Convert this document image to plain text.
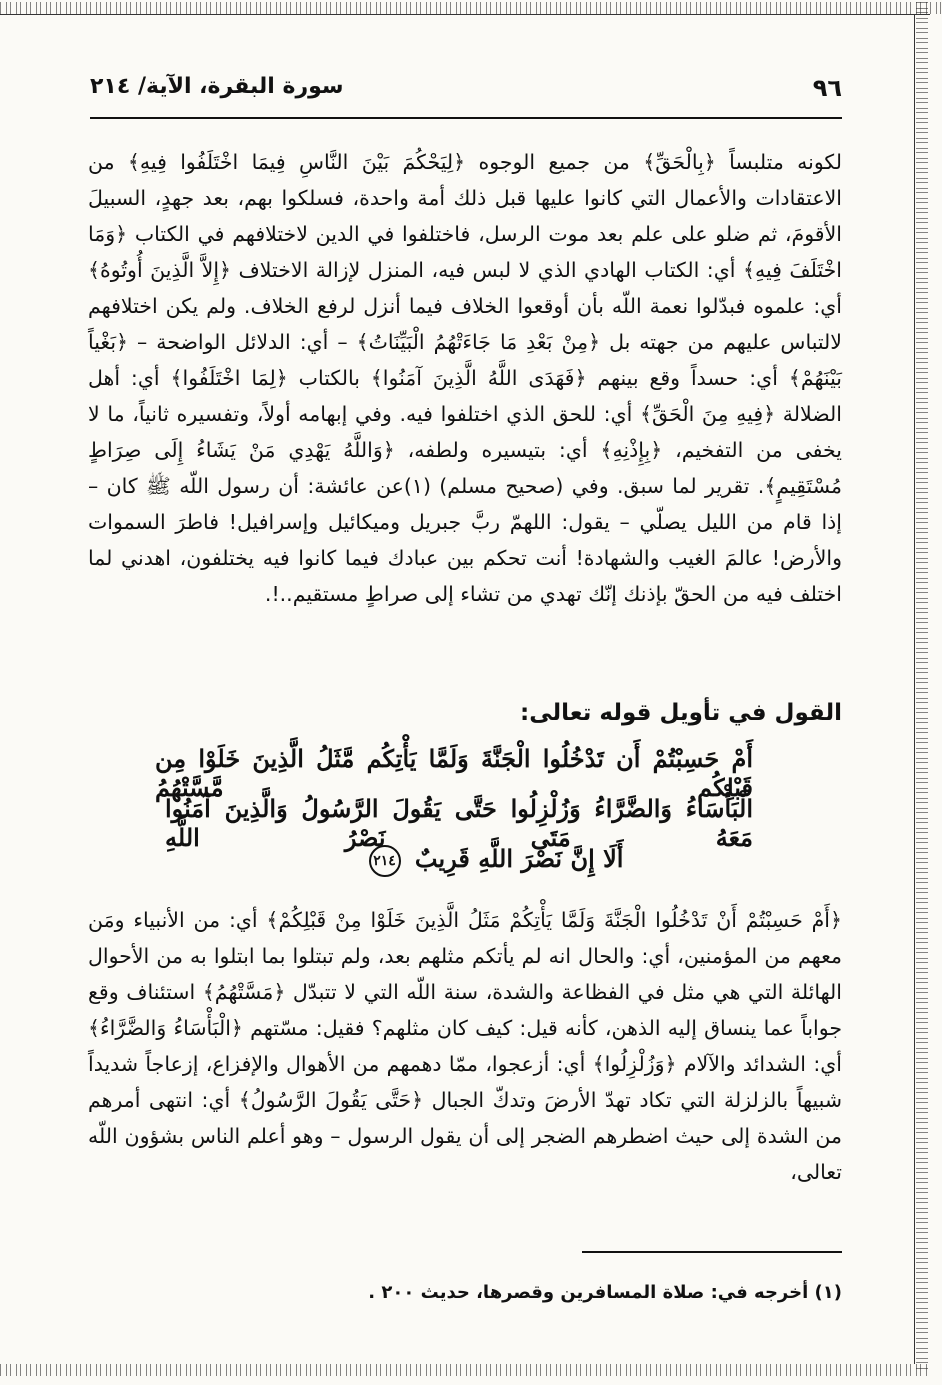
٩٦
سورة البقرة، الآية/ ٢١٤
لكونه متلبساً ﴿بِالْحَقِّ﴾ من جميع الوجوه ﴿لِيَحْكُمَ بَيْنَ النَّاسِ فِيمَا اخْتَلَفُوا فِيهِ﴾ من الاعتقادات والأعمال التي كانوا عليها قبل ذلك أمة واحدة، فسلكوا بهم، بعد جهدٍ، السبيلَ الأقومَ، ثم ضلو على علم بعد موت الرسل، فاختلفوا في الدين لاختلافهم في الكتاب ﴿وَمَا اخْتَلَفَ فِيهِ﴾ أي: الكتاب الهادي الذي لا لبس فيه، المنزل لإزالة الاختلاف ﴿إِلاَّ الَّذِينَ أُوتُوهُ﴾ أي: علموه فبدّلوا نعمة اللّه بأن أوقعوا الخلاف فيما أنزل لرفع الخلاف. ولم يكن اختلافهم لالتباس عليهم من جهته بل ﴿مِنْ بَعْدِ مَا جَاءَتْهُمُ الْبَيِّنَاتُ﴾ – أي: الدلائل الواضحة – ﴿بَغْياً بَيْنَهُمْ﴾ أي: حسداً وقع بينهم ﴿فَهَدَى اللَّهُ الَّذِينَ آمَنُوا﴾ بالكتاب ﴿لِمَا اخْتَلَفُوا﴾ أي: أهل الضلالة ﴿فِيهِ مِنَ الْحَقِّ﴾ أي: للحق الذي اختلفوا فيه. وفي إبهامه أولاً، وتفسيره ثانياً، ما لا يخفى من التفخيم، ﴿بِإِذْنِهِ﴾ أي: بتيسيره ولطفه، ﴿وَاللَّهُ يَهْدِي مَنْ يَشَاءُ إِلَى صِرَاطٍ مُسْتَقِيمٍ﴾. تقرير لما سبق. وفي (صحيح مسلم) (١)عن عائشة: أن رسول اللّه ﷺ كان – إذا قام من الليل يصلّي – يقول: اللهمّ ربَّ جبريل وميكائيل وإسرافيل! فاطرَ السموات والأرض! عالمَ الغيب والشهادة! أنت تحكم بين عبادك فيما كانوا فيه يختلفون، اهدني لما اختلف فيه من الحقّ بإذنك إنّك تهدي من تشاء إلى صراطٍ مستقيم..!.
القول في تأويل قوله تعالى:
أَمْ حَسِبْتُمْ أَن تَدْخُلُوا الْجَنَّةَ وَلَمَّا يَأْتِكُم مَّثَلُ الَّذِينَ خَلَوْا مِن قَبْلِكُم مَّسَّتْهُمُ
الْبَأْسَاءُ وَالضَّرَّاءُ وَزُلْزِلُوا حَتَّى يَقُولَ الرَّسُولُ وَالَّذِينَ آمَنُوا مَعَهُ مَتَى نَصْرُ اللَّهِ
أَلَا إِنَّ نَصْرَ اللَّهِ قَرِيبٌ ٢١٤
﴿أَمْ حَسِبْتُمْ أَنْ تَدْخُلُوا الْجَنَّةَ وَلَمَّا يَأْتِكُمْ مَثَلُ الَّذِينَ خَلَوْا مِنْ قَبْلِكُمْ﴾ أي: من الأنبياء ومَن معهم من المؤمنين، أي: والحال انه لم يأتكم مثلهم بعد، ولم تبتلوا بما ابتلوا به من الأحوال الهائلة التي هي مثل في الفظاعة والشدة، سنة اللّه التي لا تتبدّل ﴿مَسَّتْهُمُ﴾ استئناف وقع جواباً عما ينساق إليه الذهن، كأنه قيل: كيف كان مثلهم؟ فقيل: مسّتهم ﴿الْبَأْسَاءُ وَالضَّرَّاءُ﴾ أي: الشدائد والآلام ﴿وَزُلْزِلُوا﴾ أي: أزعجوا، ممّا دهمهم من الأهوال والإفزاع، إزعاجاً شديداً شبيهاً بالزلزلة التي تكاد تهدّ الأرضَ وتدكّ الجبال ﴿حَتَّى يَقُولَ الرَّسُولُ﴾ أي: انتهى أمرهم من الشدة إلى حيث اضطرهم الضجر إلى أن يقول الرسول – وهو أعلم الناس بشؤون اللّه تعالى،
(١) أخرجه في: صلاة المسافرين وقصرها، حديث ٢٠٠ .
